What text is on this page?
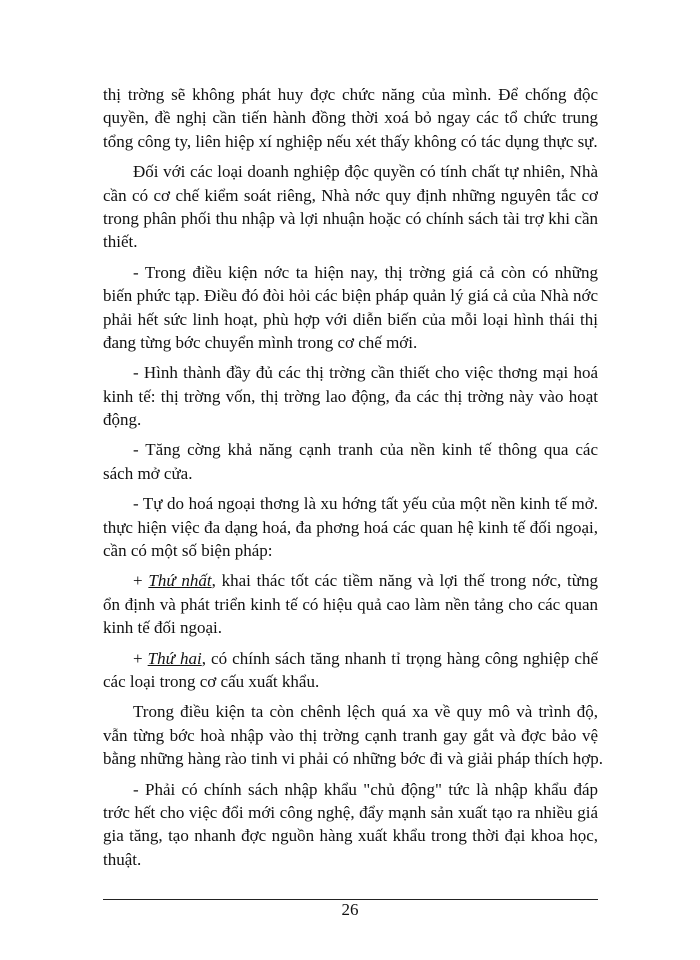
thị trờng sẽ không phát huy đợc chức năng của mình. Để chống độc
quyền, đề nghị cần tiến hành đồng thời xoá bỏ ngay các tổ chức trung
tổng công ty, liên hiệp xí nghiệp nếu xét thấy không có tác dụng thực sự.
Đối với các loại doanh nghiệp độc quyền có tính chất tự nhiên, Nhà
cần có cơ chế kiểm soát riêng, Nhà nớc quy định những nguyên tắc cơ
trong phân phối thu nhập và lợi nhuận hoặc có chính sách tài trợ khi cần
thiết.
- Trong điều kiện nớc ta hiện nay, thị trờng giá cả còn có những
biến phức tạp. Điều đó đòi hỏi các biện pháp quản lý giá cả của Nhà nớc
phải hết sức linh hoạt, phù hợp với diễn biến của mỗi loại hình thái thị
đang từng bớc chuyển mình trong cơ chế mới.
- Hình thành đầy đủ các thị trờng cần thiết cho việc thơng mại hoá
kinh tế: thị trờng vốn, thị trờng lao động, đa các thị trờng này vào hoạt
động.
- Tăng cờng khả năng cạnh tranh của nền kinh tế thông qua các
sách mở cửa.
- Tự do hoá ngoại thơng là xu hớng tất yếu của một nền kinh tế mở.
thực hiện việc đa dạng hoá, đa phơng hoá các quan hệ kinh tế đối ngoại,
cần có một số biện pháp:
+ Thứ nhất, khai thác tốt các tiềm năng và lợi thế trong nớc, từng
ổn định và phát triển kinh tế có hiệu quả cao làm nền tảng cho các quan
kinh tế đối ngoại.
+ Thứ hai, có chính sách tăng nhanh tỉ trọng hàng công nghiệp chế
các loại trong cơ cấu xuất khẩu.
Trong điều kiện ta còn chênh lệch quá xa về quy mô và trình độ,
vẫn từng bớc hoà nhập vào thị trờng cạnh tranh gay gắt và đợc bảo vệ
bằng những hàng rào tinh vi phải có những bớc đi và giải pháp thích hợp.
- Phải có chính sách nhập khẩu "chủ động" tức là nhập khẩu đáp
trớc hết cho việc đổi mới công nghệ, đẩy mạnh sản xuất tạo ra nhiều giá
gia tăng, tạo nhanh đợc nguồn hàng xuất khẩu trong thời đại khoa học,
thuật.
26
